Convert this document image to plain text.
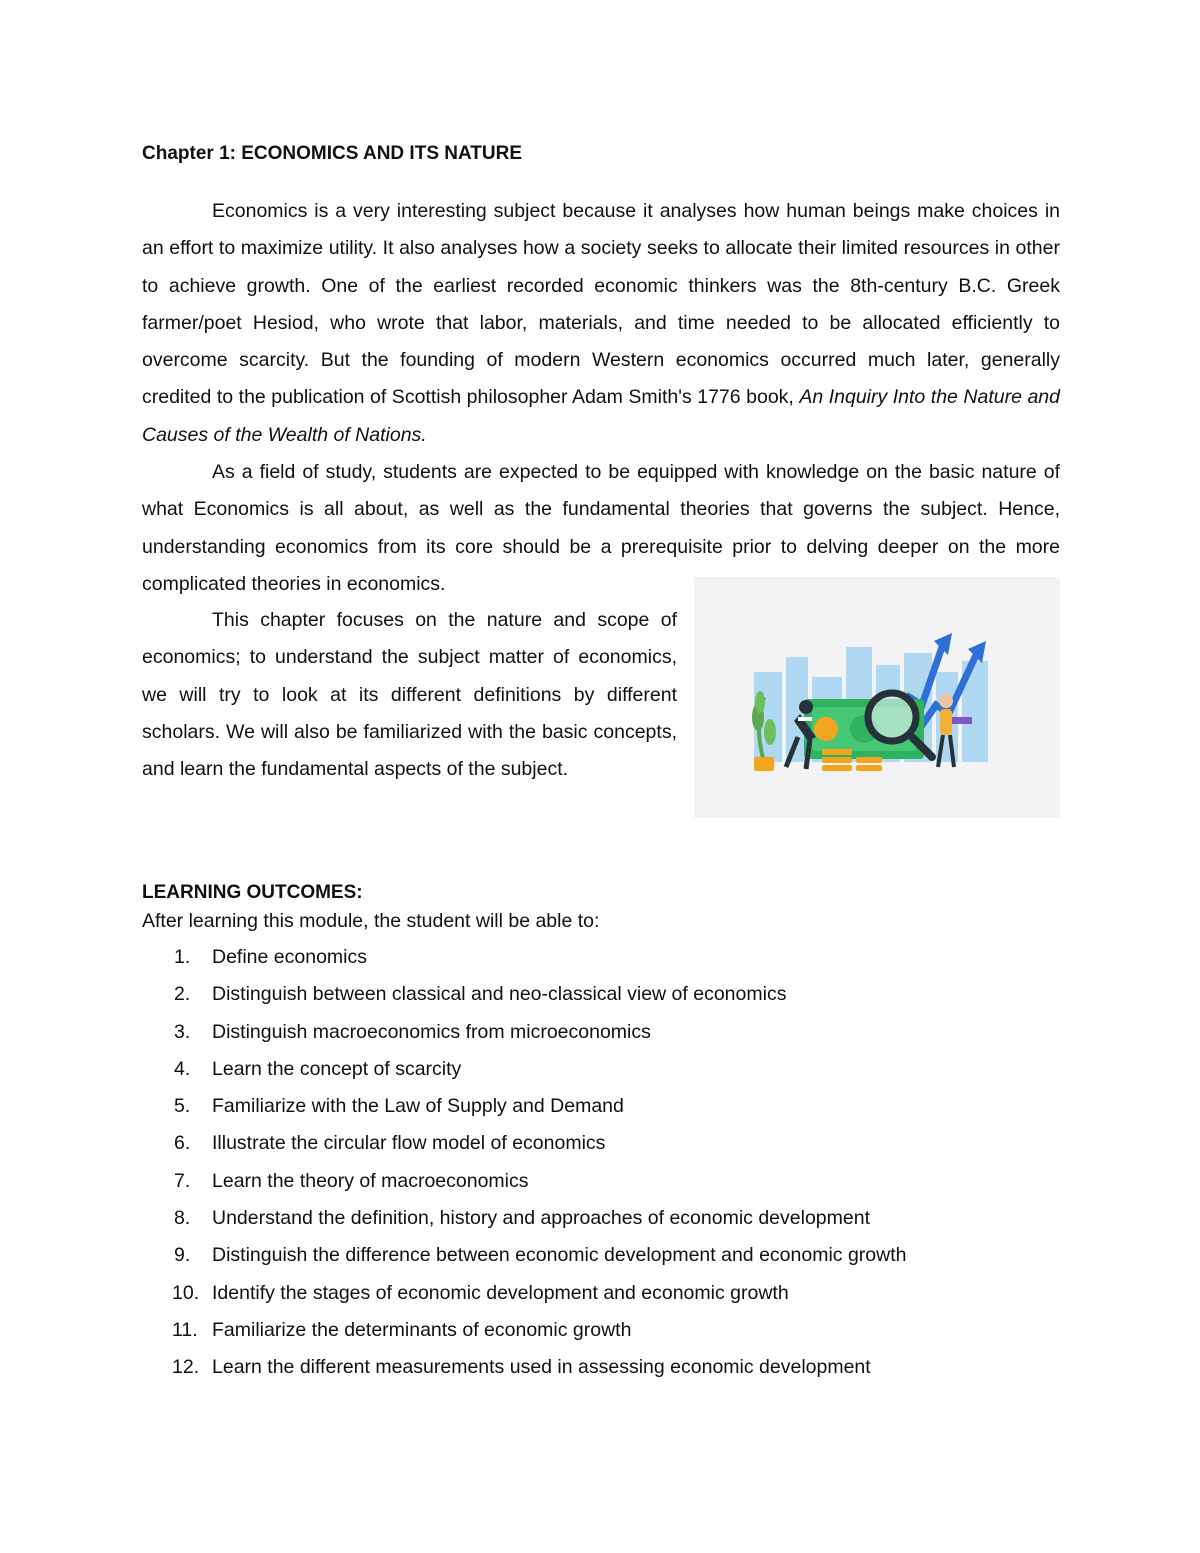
Chapter 1: ECONOMICS AND ITS NATURE

Economics is a very interesting subject because it analyses how human beings make choices in an effort to maximize utility. It also analyses how a society seeks to allocate their limited resources in other to achieve growth. One of the earliest recorded economic thinkers was the 8th-century B.C. Greek farmer/poet Hesiod, who wrote that labor, materials, and time needed to be allocated efficiently to overcome scarcity. But the founding of modern Western economics occurred much later, generally credited to the publication of Scottish philosopher Adam Smith's 1776 book, An Inquiry Into the Nature and Causes of the Wealth of Nations.

As a field of study, students are expected to be equipped with knowledge on the basic nature of what Economics is all about, as well as the fundamental theories that governs the subject. Hence, understanding economics from its core should be a prerequisite prior to delving deeper on the more complicated theories in economics.

This chapter focuses on the nature and scope of economics; to understand the subject matter of economics, we will try to look at its different definitions by different scholars. We will also be familiarized with the basic concepts, and learn the fundamental aspects of the subject.

LEARNING OUTCOMES:

After learning this module, the student will be able to:

1.	Define economics
2.	Distinguish between classical and neo-classical view of economics
3.	Distinguish macroeconomics from microeconomics
4.	Learn the concept of scarcity
5.	Familiarize with the Law of Supply and Demand
6.	Illustrate the circular flow model of economics
7.	Learn the theory of macroeconomics
8.	Understand the definition, history and approaches of economic development
9.	Distinguish the difference between economic development and economic growth
10. Identify the stages of economic development and economic growth
11. Familiarize the determinants of economic growth
12. Learn the different measurements used in assessing economic development
